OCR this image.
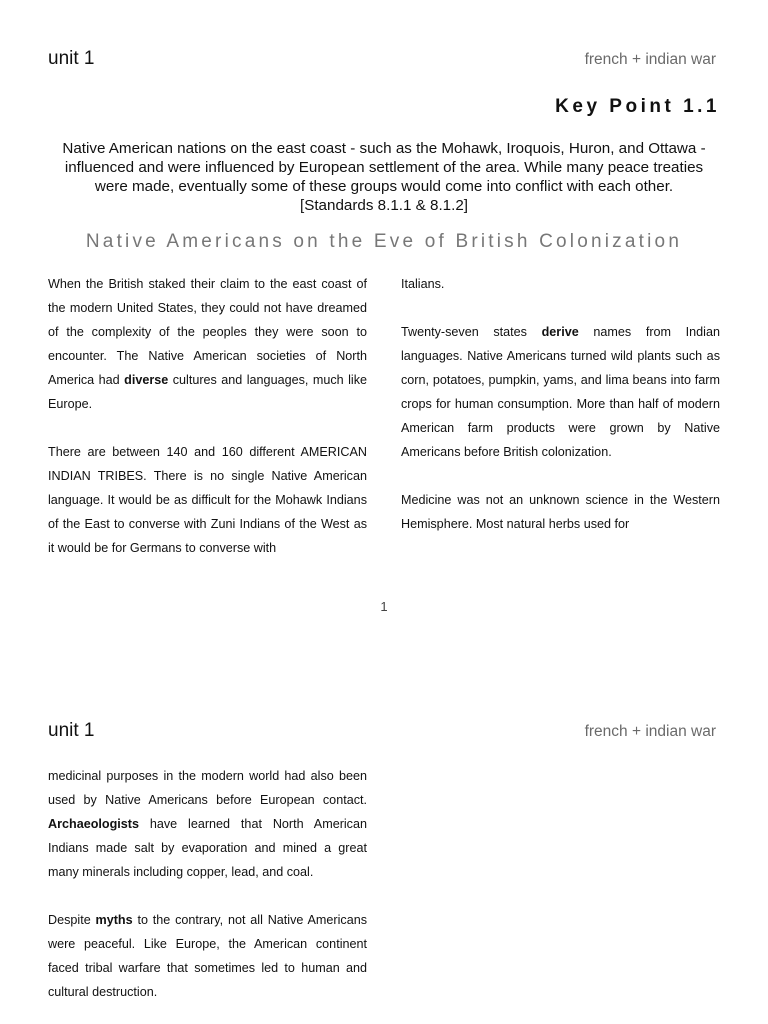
unit 1	french + indian war
Key Point 1.1
Native American nations on the east coast - such as the Mohawk, Iroquois, Huron, and Ottawa - influenced and were influenced by European settlement of the area. While many peace treaties were made, eventually some of these groups would come into conflict with each other. [Standards 8.1.1 & 8.1.2]
Native Americans on the Eve of British Colonization

When the British staked their claim to the east coast of the modern United States, they could not have dreamed of the complexity of the peoples they were soon to encounter. The Native American societies of North America had diverse cultures and languages, much like Europe.

There are between 140 and 160 different AMERICAN INDIAN TRIBES. There is no single Native American language. It would be as difficult for the Mohawk Indians of the East to converse with Zuni Indians of the West as it would be for Germans to converse with

Italians.

Twenty-seven states derive names from Indian languages. Native Americans turned wild plants such as corn, potatoes, pumpkin, yams, and lima beans into farm crops for human consumption. More than half of modern American farm products were grown by Native Americans before British colonization.

Medicine was not an unknown science in the Western Hemisphere. Most natural herbs used for

1
unit 1	french + indian war

medicinal purposes in the modern world had also been used by Native Americans before European contact. Archaeologists have learned that North American Indians made salt by evaporation and mined a great many minerals including copper, lead, and coal.

Despite myths to the contrary, not all Native Americans were peaceful. Like Europe, the American continent faced tribal warfare that sometimes led to human and cultural destruction.
